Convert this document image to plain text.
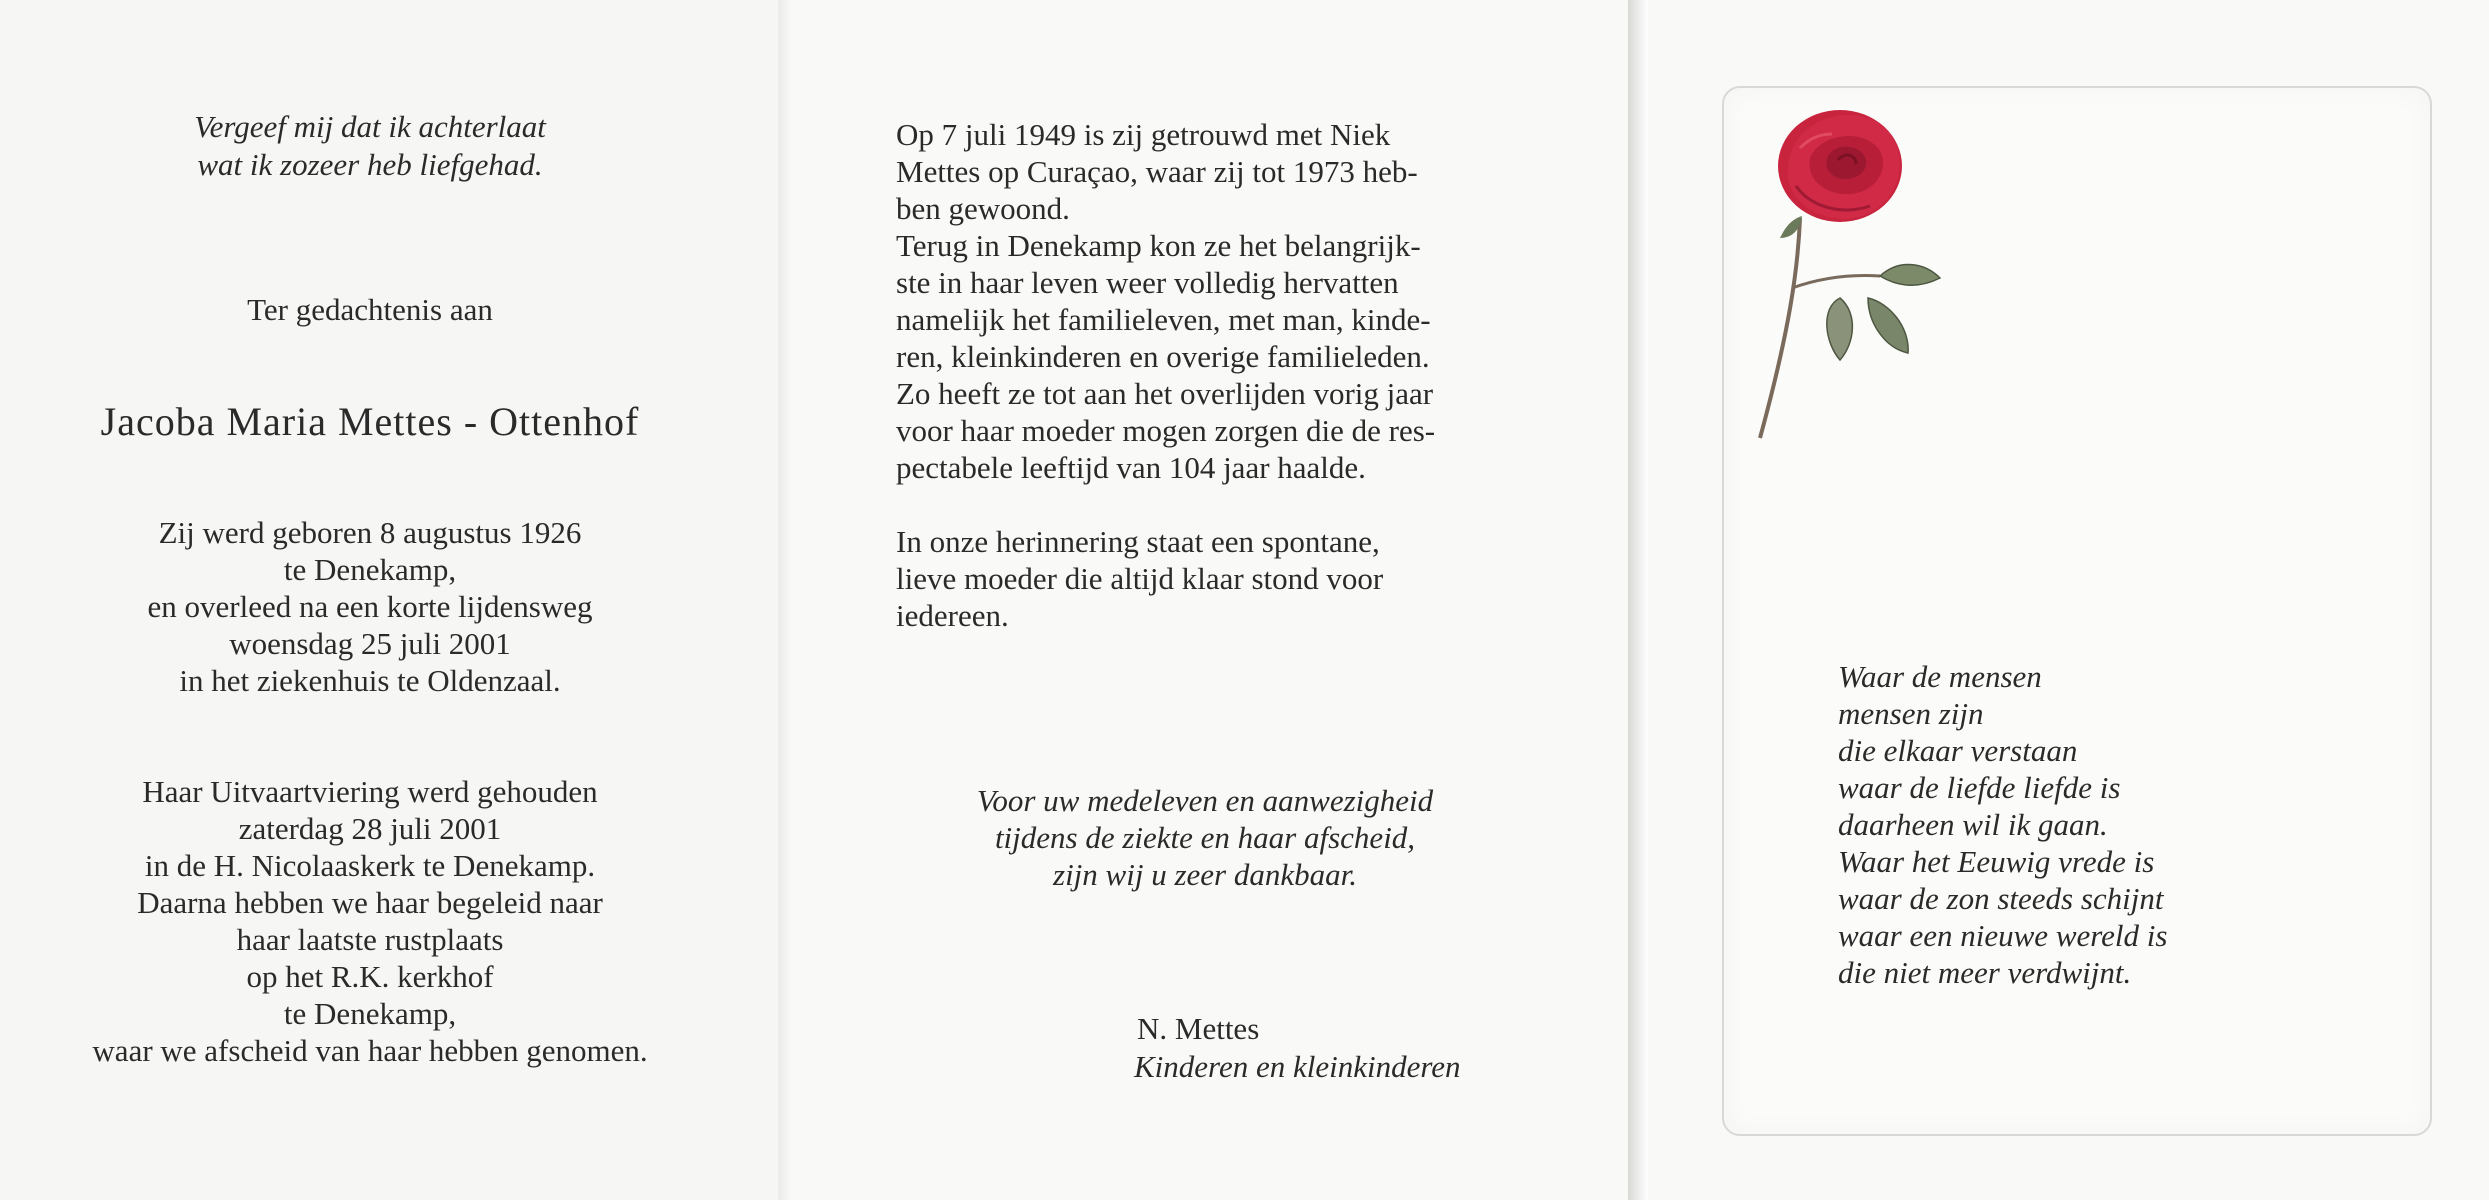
Vergeef mij dat ik achterlaat
wat ik zozeer heb liefgehad.
Ter gedachtenis aan
Jacoba Maria Mettes - Ottenhof
Zij werd geboren 8 augustus 1926
te Denekamp,
en overleed na een korte lijdensweg
woensdag 25 juli 2001
in het ziekenhuis te Oldenzaal.
Haar Uitvaartviering werd gehouden
zaterdag 28 juli 2001
in de H. Nicolaaskerk te Denekamp.
Daarna hebben we haar begeleid naar
haar laatste rustplaats
op het R.K. kerkhof
te Denekamp,
waar we afscheid van haar hebben genomen.

Op 7 juli 1949 is zij getrouwd met Niek
Mettes op Curaçao, waar zij tot 1973 heb-
ben gewoond.
Terug in Denekamp kon ze het belangrijk-
ste in haar leven weer volledig hervatten
namelijk het familieleven, met man, kinde-
ren, kleinkinderen en overige familieleden.
Zo heeft ze tot aan het overlijden vorig jaar
voor haar moeder mogen zorgen die de res-
pectabele leeftijd van 104 jaar haalde.

In onze herinnering staat een spontane,
lieve moeder die altijd klaar stond voor
iedereen.

Voor uw medeleven en aanwezigheid
tijdens de ziekte en haar afscheid,
zijn wij u zeer dankbaar.
N. Mettes
Kinderen en kleinkinderen
Waar de mensen
mensen zijn
die elkaar verstaan
waar de liefde liefde is
daarheen wil ik gaan.
Waar het Eeuwig vrede is
waar de zon steeds schijnt
waar een nieuwe wereld is
die niet meer verdwijnt.
